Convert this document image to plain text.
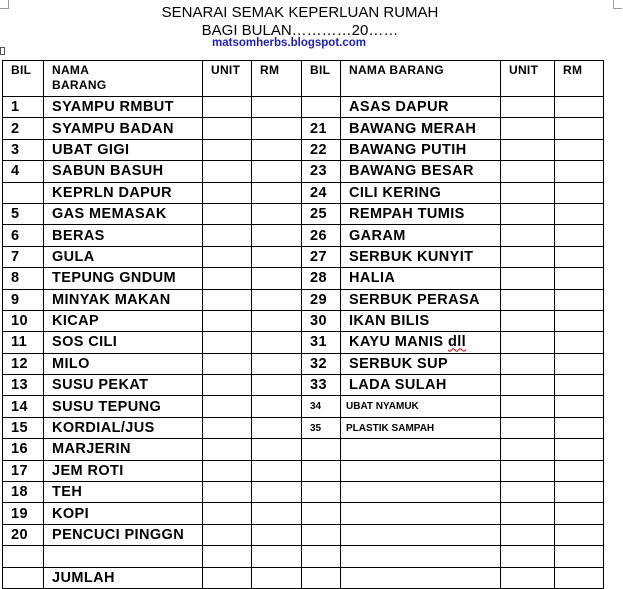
SENARAI SEMAK KEPERLUAN RUMAH
BAGI BULAN…………20……
matsomherbs.blogspot.com
BIL	NAMA
BARANG	UNIT	RM	BIL	NAMA BARANG	UNIT	RM
1	SYAMPU RMBUT				ASAS DAPUR		
2	SYAMPU BADAN			21	BAWANG MERAH		
3	UBAT GIGI			22	BAWANG PUTIH		
4	SABUN BASUH			23	BAWANG BESAR		
	KEPRLN DAPUR			24	CILI KERING		
5	GAS MEMASAK			25	REMPAH TUMIS		
6	BERAS			26	GARAM		
7	GULA			27	SERBUK KUNYIT		
8	TEPUNG GNDUM			28	HALIA		
9	MINYAK MAKAN			29	SERBUK PERASA		
10	KICAP			30	IKAN BILIS		
11	SOS CILI			31	KAYU MANIS dll		
12	MILO			32	SERBUK SUP		
13	SUSU PEKAT			33	LADA SULAH		
14	SUSU TEPUNG			34	UBAT NYAMUK		
15	KORDIAL/JUS			35	PLASTIK SAMPAH		
16	MARJERIN						
17	JEM ROTI						
18	TEH						
19	KOPI						
20	PENCUCI PINGGN						

	JUMLAH						
